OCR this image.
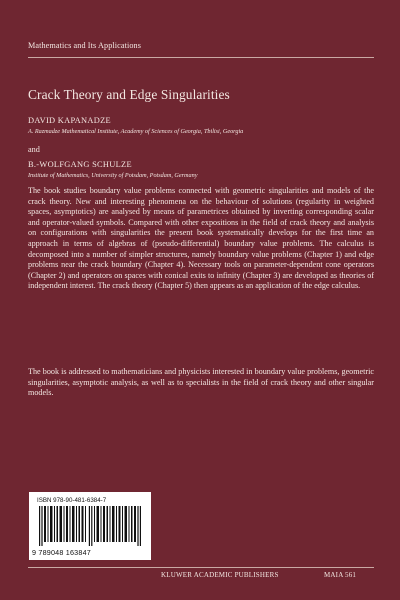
Mathematics and Its Applications
Crack Theory and Edge Singularities
DAVID KAPANADZE
A. Razmadze Mathematical Institute, Academy of Sciences of Georgia, Tbilisi, Georgia
and
B.-WOLFGANG SCHULZE
Institute of Mathematics, University of Potsdam, Potsdam, Germany
The book studies boundary value problems connected with geometric singularities and models of the crack theory. New and interesting phenomena on the behaviour of solutions (regularity in weighted spaces, asymptotics) are analysed by means of parametrices obtained by inverting corresponding scalar and operator-valued symbols. Compared with other expositions in the field of crack theory and analysis on configurations with singularities the present book systematically develops for the first time an approach in terms of algebras of (pseudo-differential) boundary value problems. The calculus is decomposed into a number of simpler structures, namely boundary value problems (Chapter 1) and edge problems near the crack boundary (Chapter 4). Necessary tools on parameter-dependent cone operators (Chapter 2) and operators on spaces with conical exits to infinity (Chapter 3) are developed as theories of independent interest. The crack theory (Chapter 5) then appears as an application of the edge calculus.
The book is addressed to mathematicians and physicists interested in boundary value problems, geometric singularities, asymptotic analysis, as well as to specialists in the field of crack theory and other singular models.
ISBN 978-90-481-6384-7
9 789048 163847
KLUWER ACADEMIC PUBLISHERS	MAIA 561
